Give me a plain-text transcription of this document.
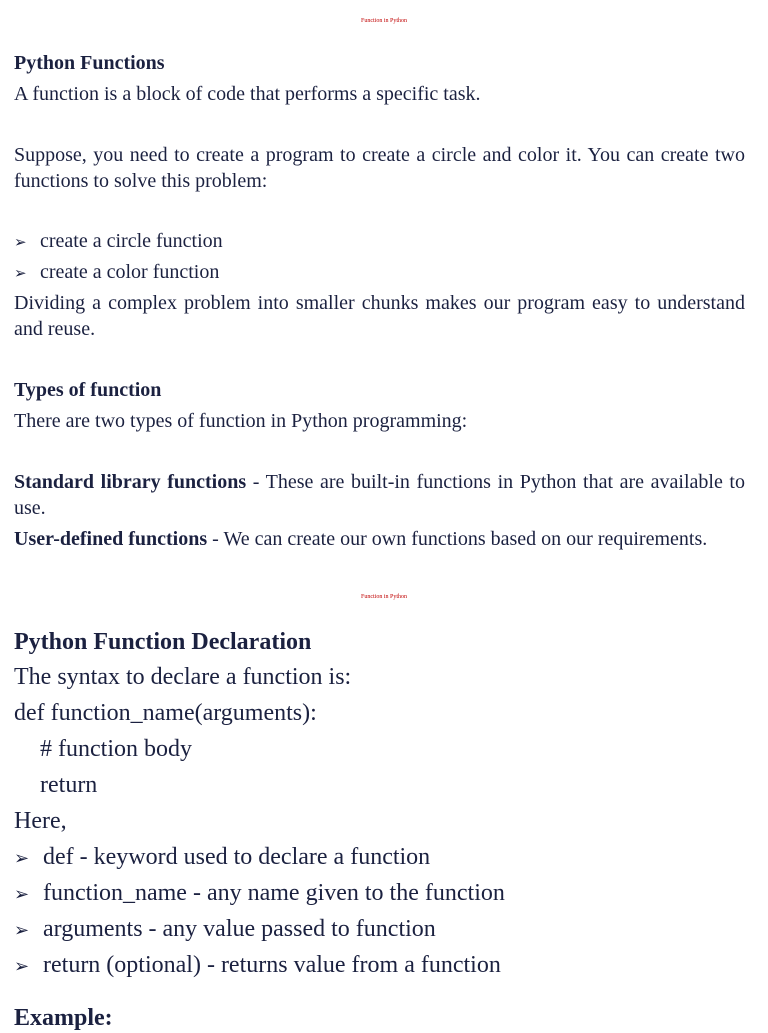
Function in Python
Python Functions
A function is a block of code that performs a specific task.
Suppose, you need to create a program to create a circle and color it. You can create two functions to solve this problem:
➢ create a circle function
➢ create a color function
Dividing a complex problem into smaller chunks makes our program easy to understand and reuse.
Types of function
There are two types of function in Python programming:
Standard library functions - These are built-in functions in Python that are available to use.
User-defined functions - We can create our own functions based on our requirements.
Function in Python
Python Function Declaration
The syntax to declare a function is:
def function_name(arguments):
# function body
return
Here,
➢ def - keyword used to declare a function
➢ function_name - any name given to the function
➢ arguments - any value passed to function
➢ return (optional) - returns value from a function
Example:
